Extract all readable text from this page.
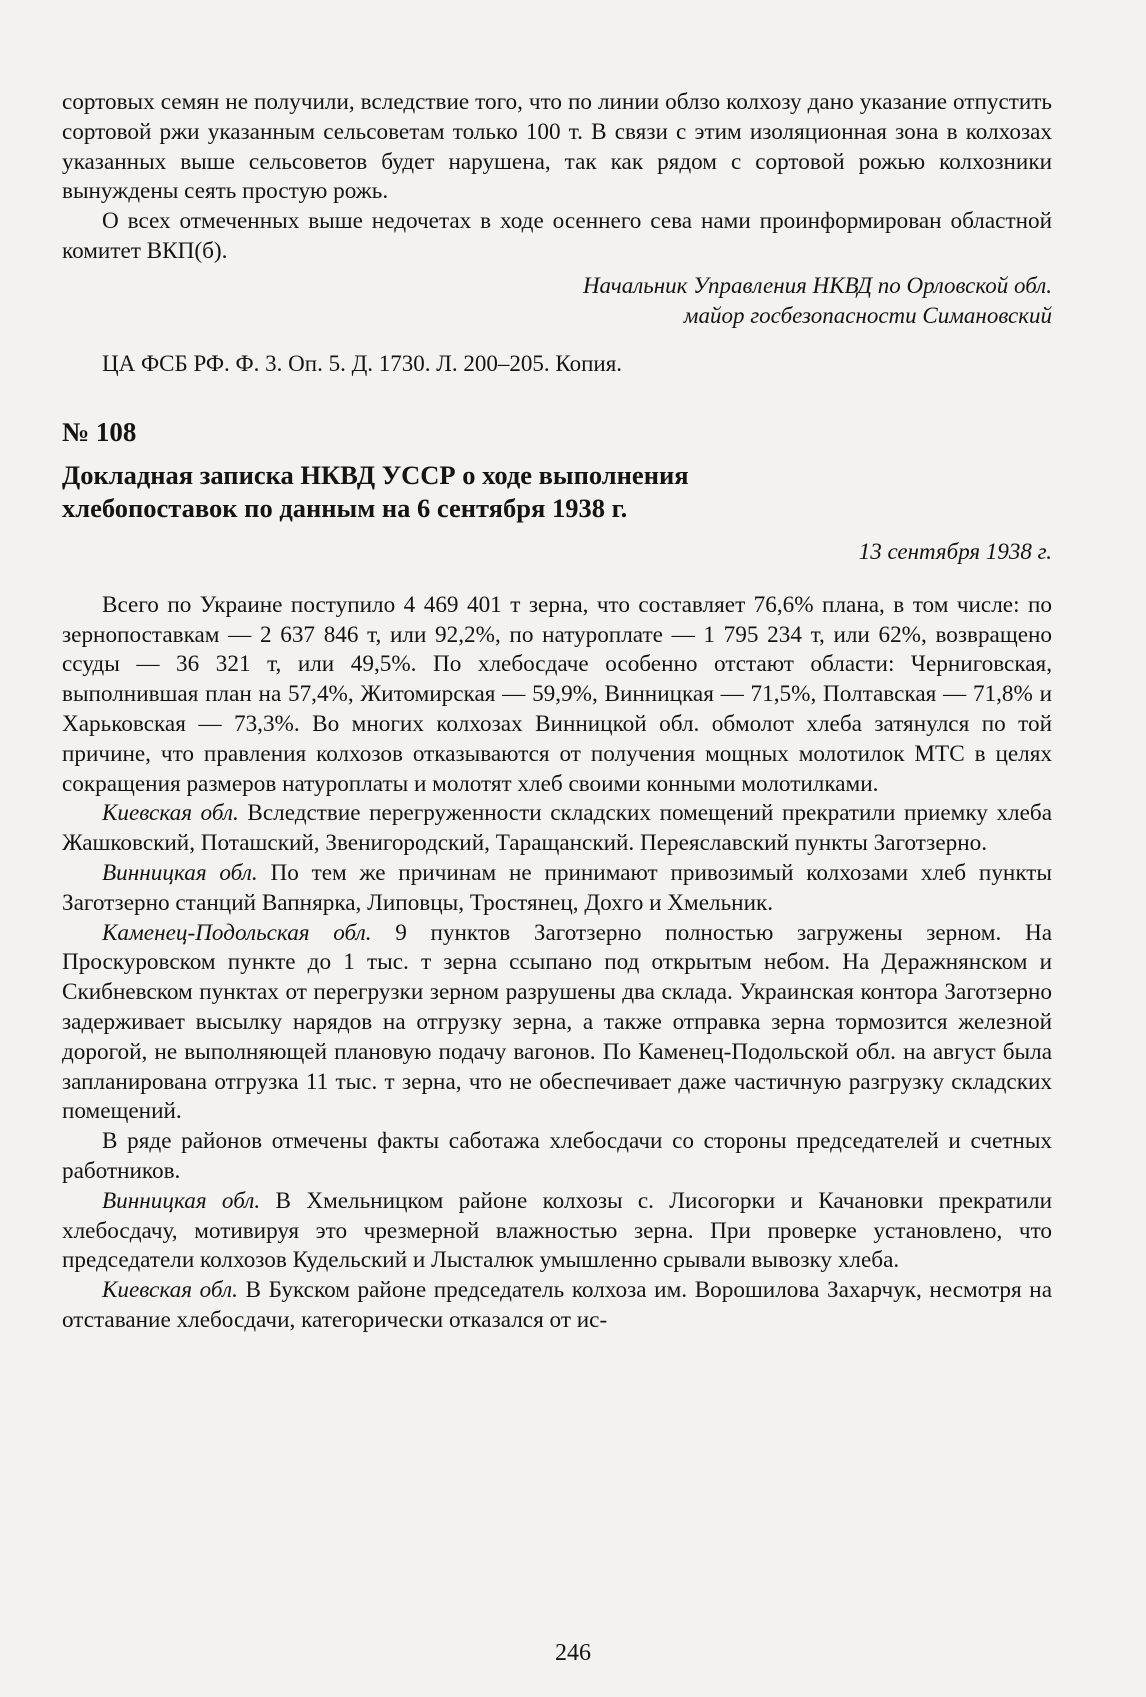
сортовых семян не получили, вследствие того, что по линии облзо колхозу дано указание отпустить сортовой ржи указанным сельсоветам только 100 т. В связи с этим изоляционная зона в колхозах указанных выше сельсоветов будет нарушена, так как рядом с сортовой рожью колхозники вынуждены сеять простую рожь.

О всех отмеченных выше недочетах в ходе осеннего сева нами проинформирован областной комитет ВКП(б).

Начальник Управления НКВД по Орловской обл.

майор госбезопасности Симановский

ЦА ФСБ РФ. Ф. 3. Оп. 5. Д. 1730. Л. 200–205. Копия.

№ 108

Докладная записка НКВД УССР о ходе выполнения

хлебопоставок по данным на 6 сентября 1938 г.

13 сентября 1938 г.

Всего по Украине поступило 4 469 401 т зерна, что составляет 76,6% плана, в том числе: по зернопоставкам — 2 637 846 т, или 92,2%, по натуроплате — 1 795 234 т, или 62%, возвращено ссуды — 36 321 т, или 49,5%. По хлебосдаче особенно отстают области: Черниговская, выполнившая план на 57,4%, Житомирская — 59,9%, Винницкая — 71,5%, Полтавская — 71,8% и Харьковская — 73,3%. Во многих колхозах Винницкой обл. обмолот хлеба затянулся по той причине, что правления колхозов отказываются от получения мощных молотилок МТС в целях сокращения размеров натуроплаты и молотят хлеб своими конными молотилками.

Киевская обл. Вследствие перегруженности складских помещений прекратили приемку хлеба Жашковский, Поташский, Звенигородский, Таращанский. Переяславский пункты Заготзерно.

Винницкая обл. По тем же причинам не принимают привозимый колхозами хлеб пункты Заготзерно станций Вапнярка, Липовцы, Тростянец, Дохго и Хмельник.

Каменец-Подольская обл. 9 пунктов Заготзерно полностью загружены зерном. На Проскуровском пункте до 1 тыс. т зерна ссыпано под открытым небом. На Деражнянском и Скибневском пунктах от перегрузки зерном разрушены два склада. Украинская контора Заготзерно задерживает высылку нарядов на отгрузку зерна, а также отправка зерна тормозится железной дорогой, не выполняющей плановую подачу вагонов. По Каменец-Подольской обл. на август была запланирована отгрузка 11 тыс. т зерна, что не обеспечивает даже частичную разгрузку складских помещений.

В ряде районов отмечены факты саботажа хлебосдачи со стороны председателей и счетных работников.

Винницкая обл. В Хмельницком районе колхозы с. Лисогорки и Качановки прекратили хлебосдачу, мотивируя это чрезмерной влажностью зерна. При проверке установлено, что председатели колхозов Кудельский и Лысталюк умышленно срывали вывозку хлеба.

Киевская обл. В Букском районе председатель колхоза им. Ворошилова Захарчук, несмотря на отставание хлебосдачи, категорически отказался от ис-

246
